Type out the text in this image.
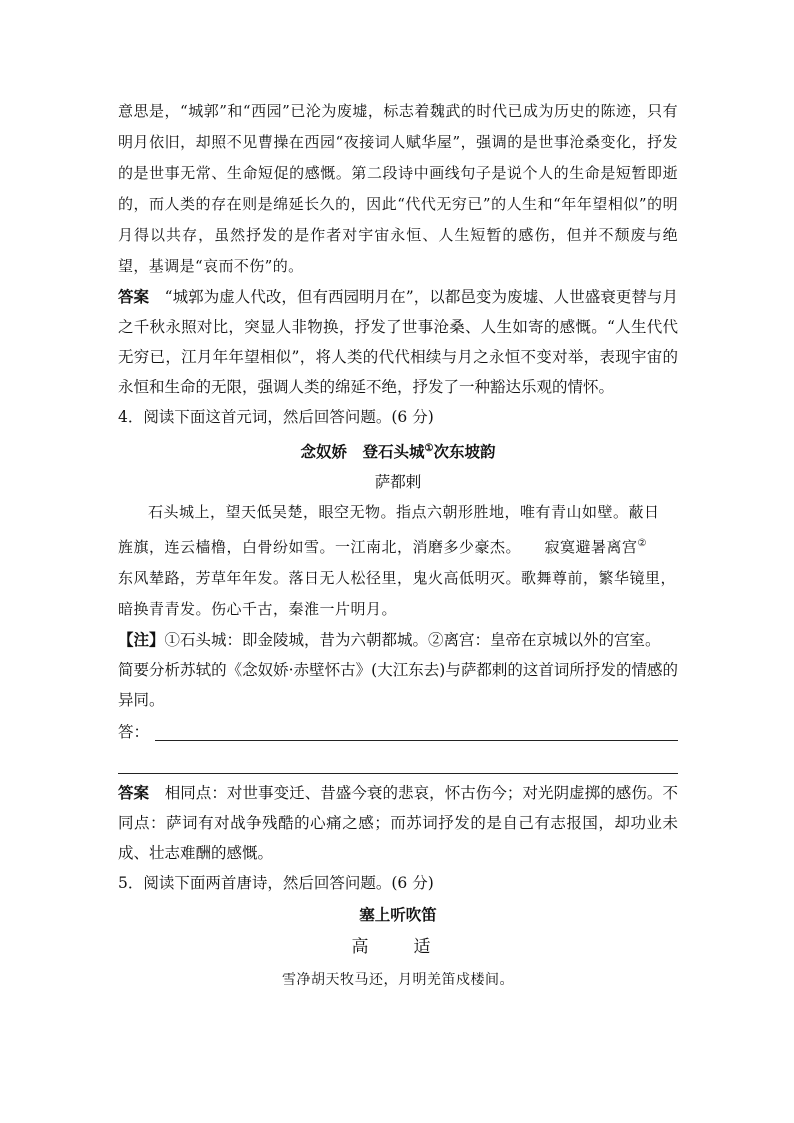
意思是，“城郭”和“西园”已沦为废墟，标志着魏武的时代已成为历史的陈迹，只有明月依旧，却照不见曹操在西园“夜接词人赋华屋”，强调的是世事沧桑变化，抒发的是世事无常、生命短促的感慨。第二段诗中画线句子是说个人的生命是短暂即逝的，而人类的存在则是绵延长久的，因此“代代无穷已”的人生和“年年望相似”的明月得以共存，虽然抒发的是作者对宇宙永恒、人生短暂的感伤，但并不颓废与绝望，基调是“哀而不伤”的。

答案　 “城郭为虚人代改，但有西园明月在”，以都邑变为废墟、人世盛衰更替与月之千秋永照对比，突显人非物换，抒发了世事沧桑、人生如寄的感慨。“人生代代无穷已，江月年年望相似”，将人类的代代相续与月之永恒不变对举，表现宇宙的永恒和生命的无限，强调人类的绵延不绝，抒发了一种豁达乐观的情怀。

4．阅读下面这首元词，然后回答问题。(6 分)

念奴娇　登石头城①次东坡韵

萨都剌

石头城上，望天低吴楚，眼空无物。指点六朝形胜地，唯有青山如壁。蔽日

旌旗，连云樯橹，白骨纷如雪。一江南北，消磨多少豪杰。　　寂寞避暑离宫②

东风辇路，芳草年年发。落日无人松径里，鬼火高低明灭。歌舞尊前，繁华镜里，

暗换青青发。伤心千古，秦淮一片明月。

【注】①石头城：即金陵城，昔为六朝都城。②离宫：皇帝在京城以外的宫室。

简要分析苏轼的《念奴娇·赤壁怀古》(大江东去)与萨都剌的这首词所抒发的情感的异同。

答：

答案　 相同点：对世事变迁、昔盛今衰的悲哀，怀古伤今；对光阴虚掷的感伤。不同点：萨词有对战争残酷的心痛之感；而苏词抒发的是自己有志报国，却功业未成、壮志难酬的感慨。

5．阅读下面两首唐诗，然后回答问题。(6 分)

塞上听吹笛

高　适

雪净胡天牧马还，月明羌笛戍楼间。
